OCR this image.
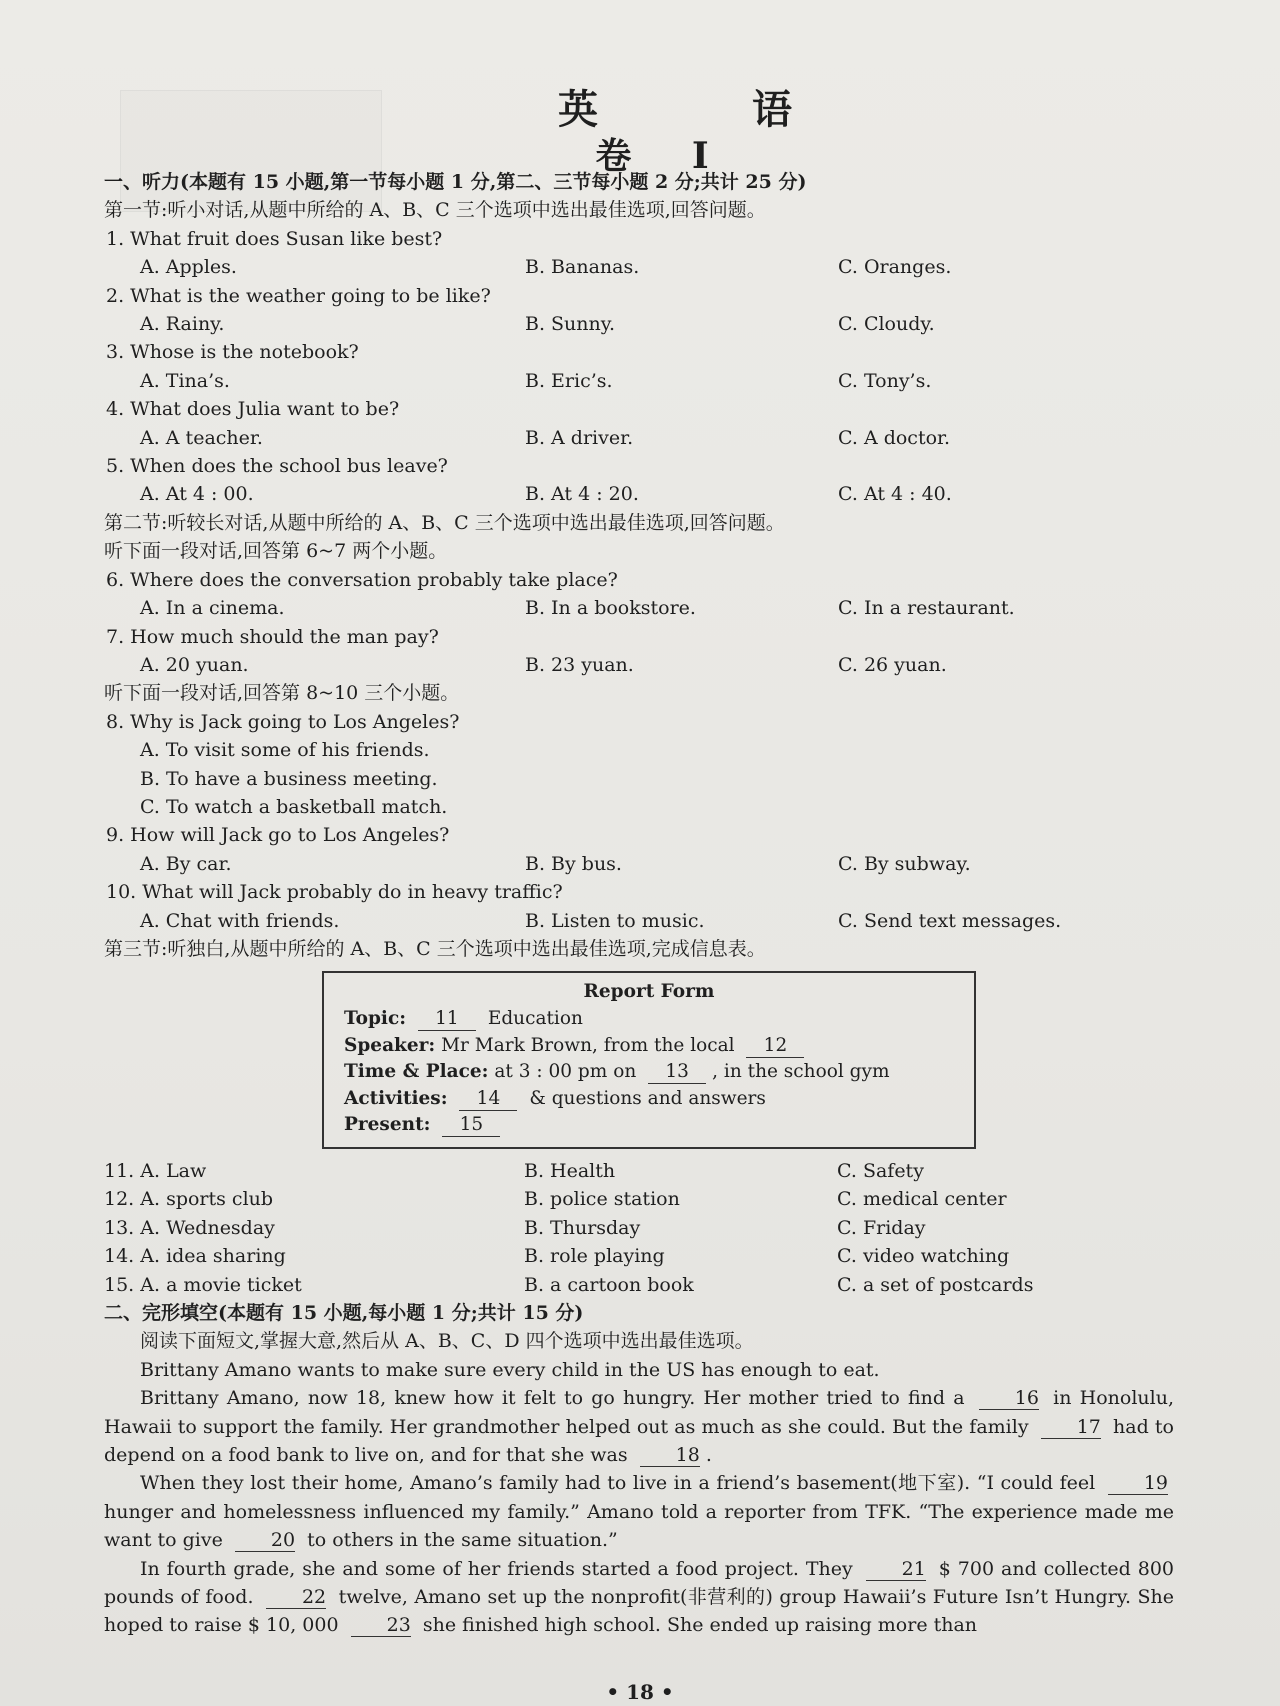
英 语
卷 Ⅰ
一、听力(本题有 15 小题,第一节每小题 1 分,第二、三节每小题 2 分;共计 25 分)
第一节:听小对话,从题中所给的 A、B、C 三个选项中选出最佳选项,回答问题。
1. What fruit does Susan like best?
A. Apples.	B. Bananas.	C. Oranges.
2. What is the weather going to be like?
A. Rainy.	B. Sunny.	C. Cloudy.
3. Whose is the notebook?
A. Tina’s.	B. Eric’s.	C. Tony’s.
4. What does Julia want to be?
A. A teacher.	B. A driver.	C. A doctor.
5. When does the school bus leave?
A. At 4 : 00.	B. At 4 : 20.	C. At 4 : 40.
第二节:听较长对话,从题中所给的 A、B、C 三个选项中选出最佳选项,回答问题。
听下面一段对话,回答第 6~7 两个小题。
6. Where does the conversation probably take place?
A. In a cinema.	B. In a bookstore.	C. In a restaurant.
7. How much should the man pay?
A. 20 yuan.	B. 23 yuan.	C. 26 yuan.
听下面一段对话,回答第 8~10 三个小题。
8. Why is Jack going to Los Angeles?
A. To visit some of his friends.
B. To have a business meeting.
C. To watch a basketball match.
9. How will Jack go to Los Angeles?
A. By car.	B. By bus.	C. By subway.
10. What will Jack probably do in heavy traffic?
A. Chat with friends.	B. Listen to music.	C. Send text messages.
第三节:听独白,从题中所给的 A、B、C 三个选项中选出最佳选项,完成信息表。
Report Form
Topic: 11 Education
Speaker: Mr Mark Brown, from the local 12
Time & Place: at 3 : 00 pm on 13 , in the school gym
Activities: 14 & questions and answers
Present: 15
11. A. Law	B. Health	C. Safety
12. A. sports club	B. police station	C. medical center
13. A. Wednesday	B. Thursday	C. Friday
14. A. idea sharing	B. role playing	C. video watching
15. A. a movie ticket	B. a cartoon book	C. a set of postcards
二、完形填空(本题有 15 小题,每小题 1 分;共计 15 分)
阅读下面短文,掌握大意,然后从 A、B、C、D 四个选项中选出最佳选项。
Brittany Amano wants to make sure every child in the US has enough to eat.
Brittany Amano, now 18, knew how it felt to go hungry. Her mother tried to find a	16 in Honolulu, Hawaii to support the family. Her grandmother helped out as much as she could. But the family	17 had to depend on a food bank to live on, and for that she was	18 .
When they lost their home, Amano’s family had to live in a friend’s basement(地下室). “I could feel	19 hunger and homelessness influenced my family.” Amano told a reporter from TFK. “The experience made me want to give	20 to others in the same situation.”
In fourth grade, she and some of her friends started a food project. They	21 $ 700 and collected 800 pounds of food.	22 twelve, Amano set up the nonprofit(非营利的) group Hawaii’s Future Isn’t Hungry. She hoped to raise $ 10, 000	23 she finished high school. She ended up raising more than
• 18 •
